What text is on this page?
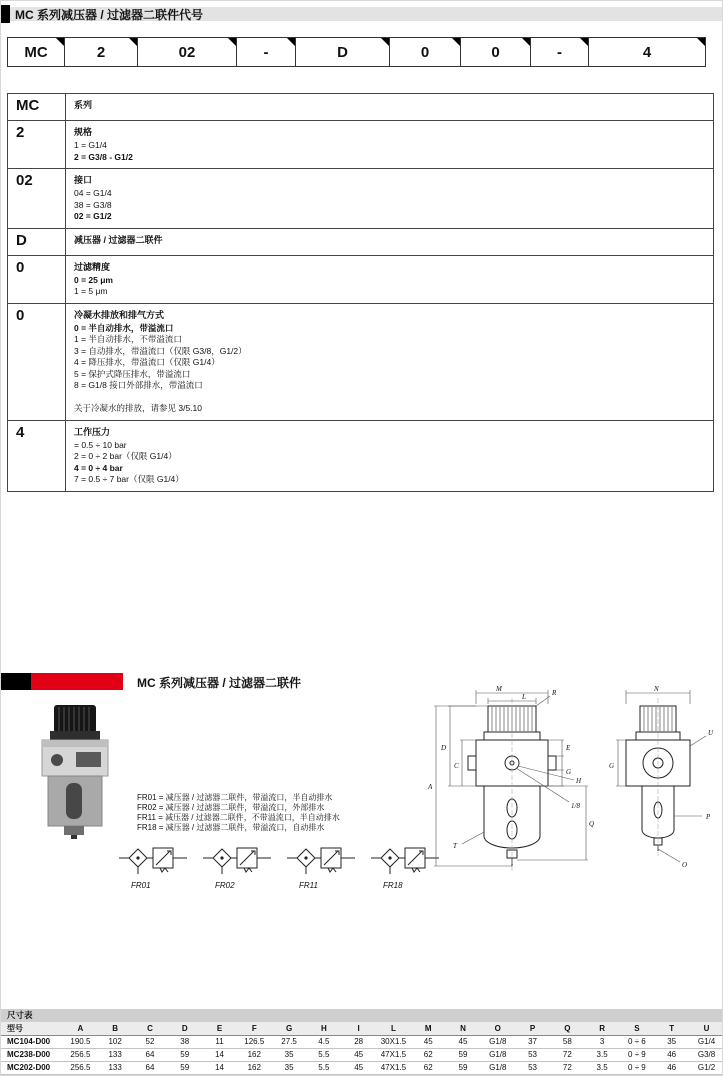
MC 系列减压器 / 过滤器二联件代号
MC	2	02	-	D	0	0	-	4
MC	系列
2	规格
1 = G1/4
2 = G3/8 - G1/2
02	接口
04 = G1/4
38 = G3/8
02 = G1/2
D	减压器 / 过滤器二联件
0	过滤精度
0 = 25 μm
1 = 5 μm
0	冷凝水排放和排气方式
0 = 半自动排水，带溢流口
1 = 半自动排水，不带溢流口
3 = 自动排水，带溢流口（仅限 G3/8，G1/2）
4 = 降压排水，带溢流口（仅限 G1/4）
5 = 保护式降压排水，带溢流口
8 = G1/8 接口外部排水，带溢流口
关于冷凝水的排放，请参见 3/5.10
4	工作压力
= 0.5 ÷ 10 bar
2 = 0 ÷ 2 bar（仅限 G1/4）
4 = 0 ÷ 4 bar
7 = 0.5 ÷ 7 bar（仅限 G1/4）
MC 系列减压器 / 过滤器二联件
FR01 = 减压器 / 过滤器二联件，带溢流口，半自动排水
FR02 = 减压器 / 过滤器二联件，带溢流口，外部排水
FR11 = 减压器 / 过滤器二联件，不带溢流口，半自动排水
FR18 = 减压器 / 过滤器二联件，带溢流口，自动排水
FR01	FR02	FR11	FR18
M
L	R
A
D
C
E
G
H
1/8
T
Q
N
U
G
P
O
尺寸表
型号	A	B	C	D	E	F	G	H	I	L	M	N	O	P	Q	R	S	T	U
MC104-D00	190.5	102	52	38	11	126.5	27.5	4.5	28	30X1.5	45	45	G1/8	37	58	3	0 ÷ 6	35	G1/4
MC238-D00	256.5	133	64	59	14	162	35	5.5	45	47X1.5	62	59	G1/8	53	72	3.5	0 ÷ 9	46	G3/8
MC202-D00	256.5	133	64	59	14	162	35	5.5	45	47X1.5	62	59	G1/8	53	72	3.5	0 ÷ 9	46	G1/2
